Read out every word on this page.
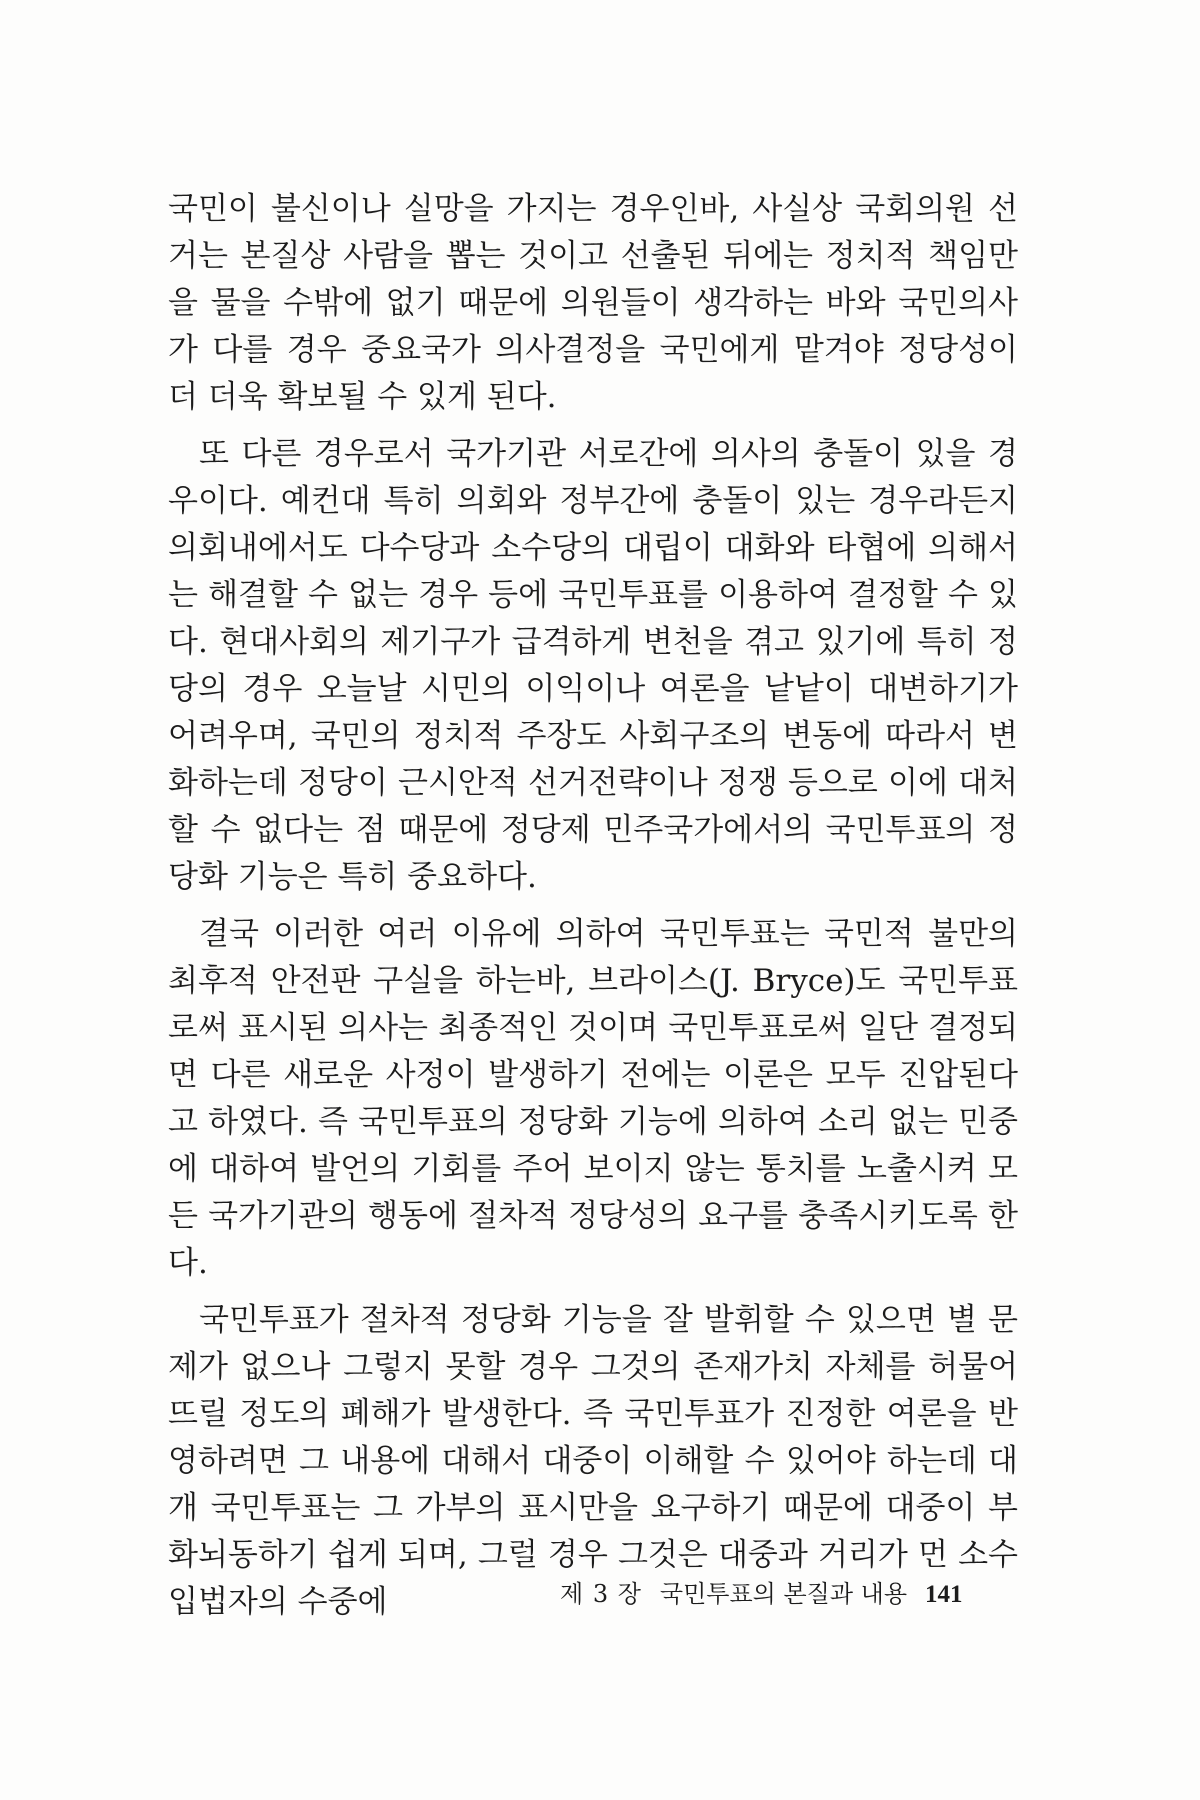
국민이 불신이나 실망을 가지는 경우인바, 사실상 국회의원 선거는 본질상 사람을 뽑는 것이고 선출된 뒤에는 정치적 책임만을 물을 수밖에 없기 때문에 의원들이 생각하는 바와 국민의사가 다를 경우 중요국가 의사결정을 국민에게 맡겨야 정당성이 더 더욱 확보될 수 있게 된다.

또 다른 경우로서 국가기관 서로간에 의사의 충돌이 있을 경우이다. 예컨대 특히 의회와 정부간에 충돌이 있는 경우라든지 의회내에서도 다수당과 소수당의 대립이 대화와 타협에 의해서는 해결할 수 없는 경우 등에 국민투표를 이용하여 결정할 수 있다. 현대사회의 제기구가 급격하게 변천을 겪고 있기에 특히 정당의 경우 오늘날 시민의 이익이나 여론을 낱낱이 대변하기가 어려우며, 국민의 정치적 주장도 사회구조의 변동에 따라서 변화하는데 정당이 근시안적 선거전략이나 정쟁 등으로 이에 대처할 수 없다는 점 때문에 정당제 민주국가에서의 국민투표의 정당화 기능은 특히 중요하다.

결국 이러한 여러 이유에 의하여 국민투표는 국민적 불만의 최후적 안전판 구실을 하는바, 브라이스(J. Bryce)도 국민투표로써 표시된 의사는 최종적인 것이며 국민투표로써 일단 결정되면 다른 새로운 사정이 발생하기 전에는 이론은 모두 진압된다고 하였다. 즉 국민투표의 정당화 기능에 의하여 소리 없는 민중에 대하여 발언의 기회를 주어 보이지 않는 통치를 노출시켜 모든 국가기관의 행동에 절차적 정당성의 요구를 충족시키도록 한다.

국민투표가 절차적 정당화 기능을 잘 발휘할 수 있으면 별 문제가 없으나 그렇지 못할 경우 그것의 존재가치 자체를 허물어뜨릴 정도의 폐해가 발생한다. 즉 국민투표가 진정한 여론을 반영하려면 그 내용에 대해서 대중이 이해할 수 있어야 하는데 대개 국민투표는 그 가부의 표시만을 요구하기 때문에 대중이 부화뇌동하기 쉽게 되며, 그럴 경우 그것은 대중과 거리가 먼 소수입법자의 수중에	제 3 장 국민투표의 본질과 내용 141
